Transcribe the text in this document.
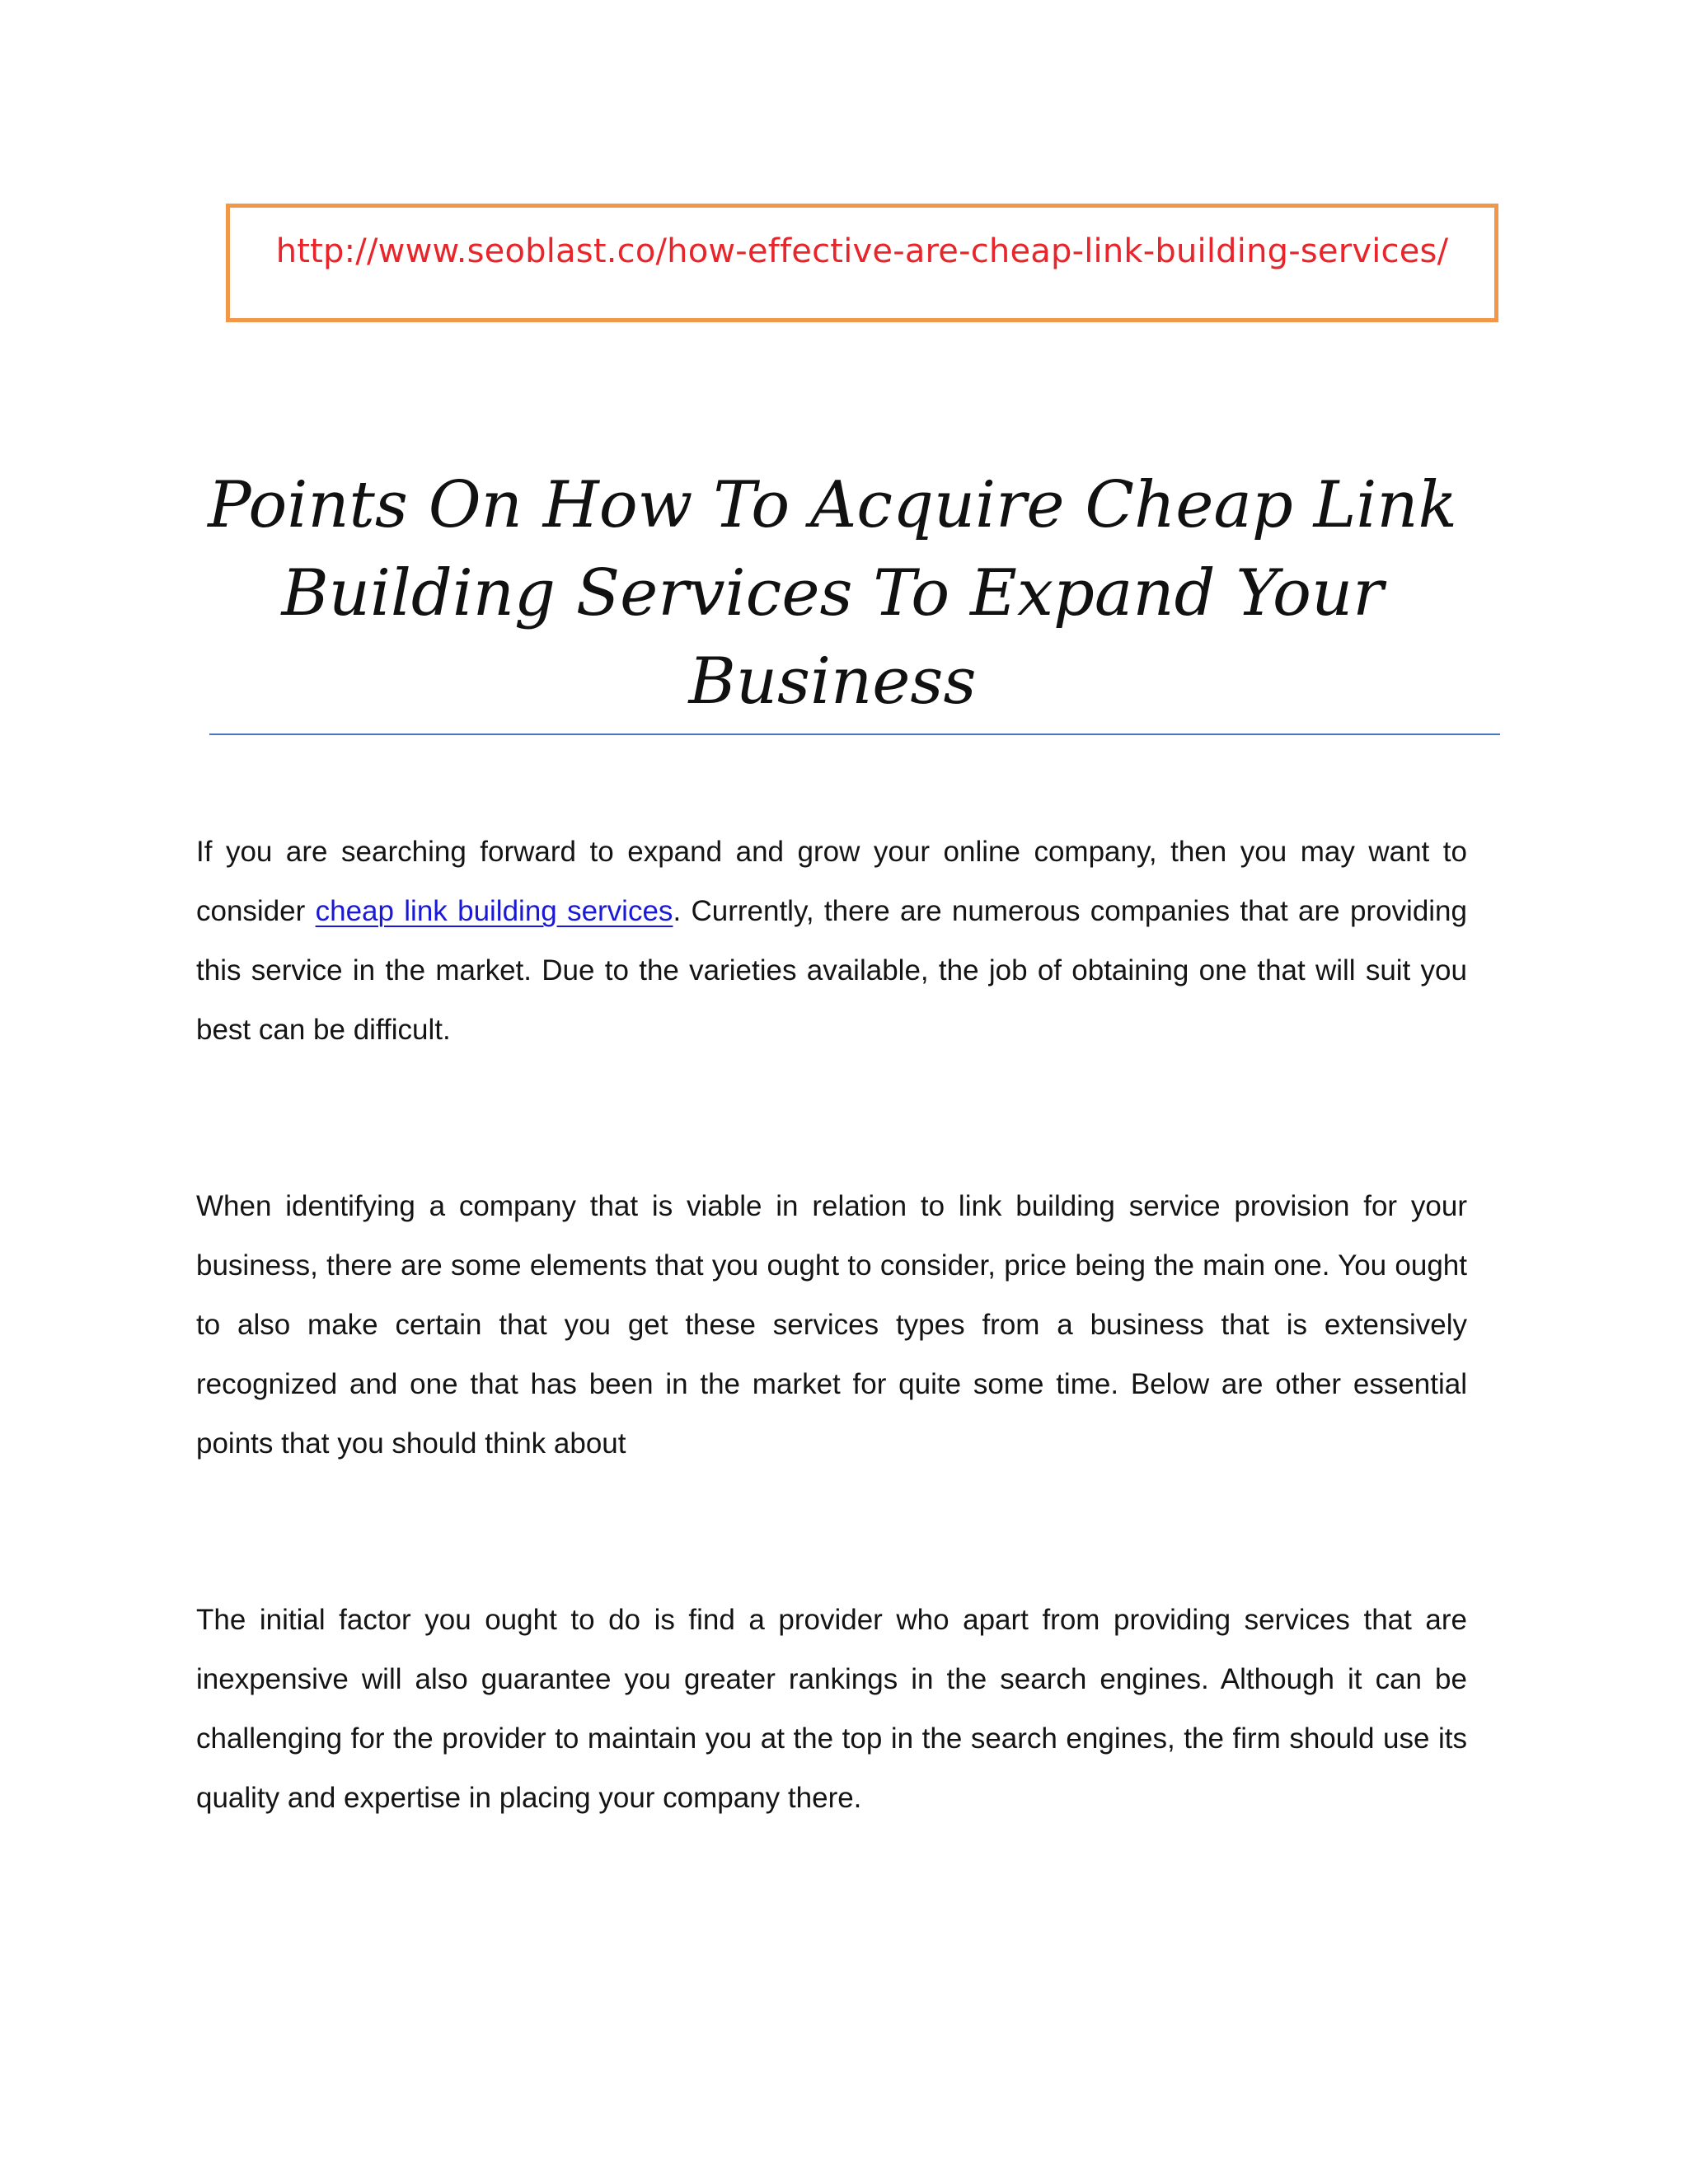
http://www.seoblast.co/how-effective-are-cheap-link-building-services/
Points On How To Acquire Cheap Link Building Services To Expand Your Business

If you are searching forward to expand and grow your online company, then you may want to consider cheap link building services. Currently, there are numerous companies that are providing this service in the market. Due to the varieties available, the job of obtaining one that will suit you best can be difficult.

When identifying a company that is viable in relation to link building service provision for your business, there are some elements that you ought to consider, price being the main one. You ought to also make certain that you get these services types from a business that is extensively recognized and one that has been in the market for quite some time. Below are other essential points that you should think about

The initial factor you ought to do is find a provider who apart from providing services that are inexpensive will also guarantee you greater rankings in the search engines. Although it can be challenging for the provider to maintain you at the top in the search engines, the firm should use its quality and expertise in placing your company there.
